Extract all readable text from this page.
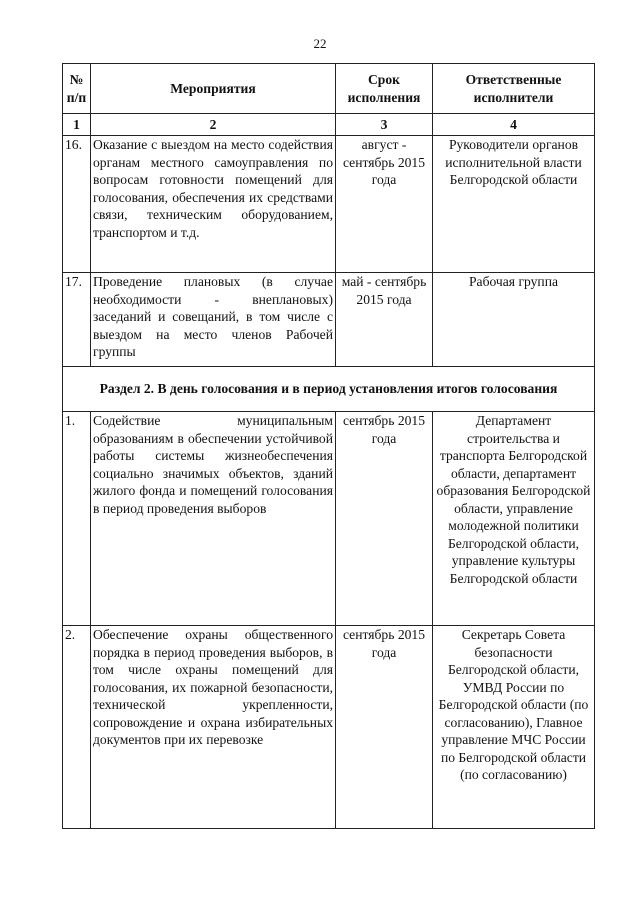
22
№ п/п	Мероприятия	Срок исполнения	Ответственные исполнители
1	2	3	4
16.	Оказание с выездом на место содействия органам местного самоуправления по вопросам готовности помещений для голосования, обеспечения их средствами связи, техническим оборудованием, транспортом и т.д.	август - сентябрь 2015 года	Руководители органов исполнительной власти Белгородской области
17.	Проведение плановых (в случае необходимости - внеплановых) заседаний и совещаний, в том числе с выездом на место членов Рабочей группы	май - сентябрь 2015 года	Рабочая группа
Раздел 2. В день голосования и в период установления итогов голосования			
1.	Содействие муниципальным образованиям в обеспечении устойчивой работы системы жизнеобеспечения социально значимых объектов, зданий жилого фонда и помещений голосования в период проведения выборов	сентябрь 2015 года	Департамент строительства и транспорта Белгородской области, департамент образования Белгородской области, управление молодежной политики Белгородской области, управление культуры Белгородской области
2.	Обеспечение охраны общественного порядка в период проведения выборов, в том числе охраны помещений для голосования, их пожарной безопасности, технической укрепленности, сопровождение и охрана избирательных документов при их перевозке	сентябрь 2015 года	Секретарь Совета безопасности Белгородской области, УМВД России по Белгородской области (по согласованию), Главное управление МЧС России по Белгородской области (по согласованию)
